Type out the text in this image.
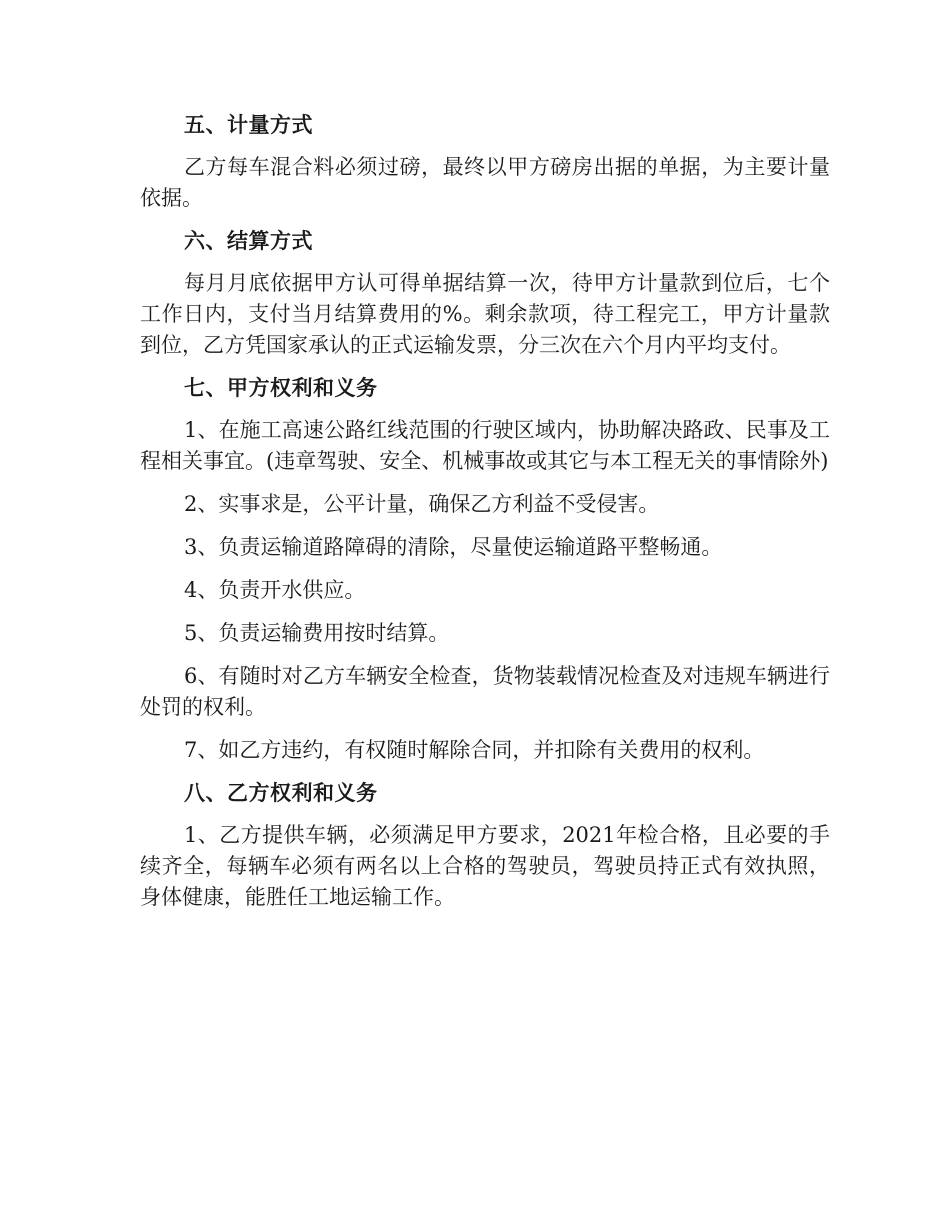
五、计量方式
乙方每车混合料必须过磅，最终以甲方磅房出据的单据，为主要计量依据。
六、结算方式
每月月底依据甲方认可得单据结算一次，待甲方计量款到位后，七个工作日内，支付当月结算费用的%。剩余款项，待工程完工，甲方计量款到位，乙方凭国家承认的正式运输发票，分三次在六个月内平均支付。
七、甲方权利和义务
1、在施工高速公路红线范围的行驶区域内，协助解决路政、民事及工程相关事宜。(违章驾驶、安全、机械事故或其它与本工程无关的事情除外)
2、实事求是，公平计量，确保乙方利益不受侵害。
3、负责运输道路障碍的清除，尽量使运输道路平整畅通。
4、负责开水供应。
5、负责运输费用按时结算。
6、有随时对乙方车辆安全检查，货物装载情况检查及对违规车辆进行处罚的权利。
7、如乙方违约，有权随时解除合同，并扣除有关费用的权利。
八、乙方权利和义务
1、乙方提供车辆，必须满足甲方要求，2021年检合格，且必要的手续齐全，每辆车必须有两名以上合格的驾驶员，驾驶员持正式有效执照，身体健康，能胜任工地运输工作。
